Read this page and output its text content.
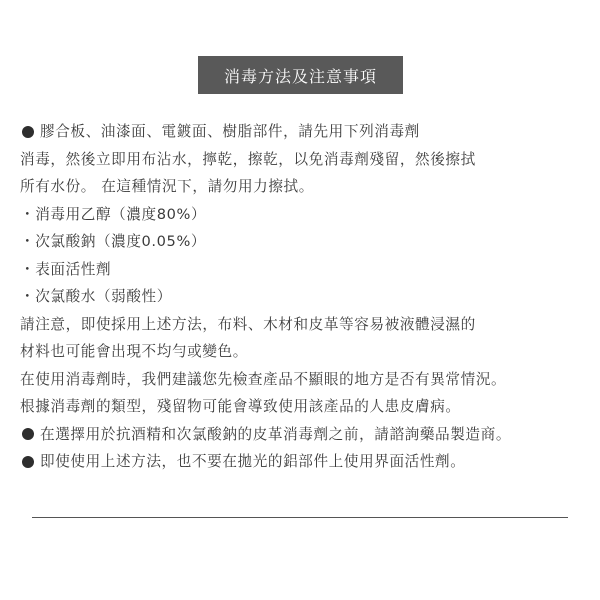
消毒方法及注意事項
膠合板、油漆面、電鍍面、樹脂部件，請先用下列消毒劑
消毒，然後立即用布沾水，擰乾，擦乾，以免消毒劑殘留，然後擦拭
所有水份。 在這種情況下，請勿用力擦拭。
・消毒用乙醇（濃度80%）
・次氯酸鈉（濃度0.05%）
・表面活性劑
・次氯酸水（弱酸性）
請注意，即使採用上述方法，布料、木材和皮革等容易被液體浸濕的
材料也可能會出現不均勻或變色。
在使用消毒劑時，我們建議您先檢查產品不顯眼的地方是否有異常情況。
根據消毒劑的類型，殘留物可能會導致使用該產品的人患皮膚病。
在選擇用於抗酒精和次氯酸鈉的皮革消毒劑之前，請諮詢藥品製造商。
即使使用上述方法，也不要在拋光的鋁部件上使用界面活性劑。
